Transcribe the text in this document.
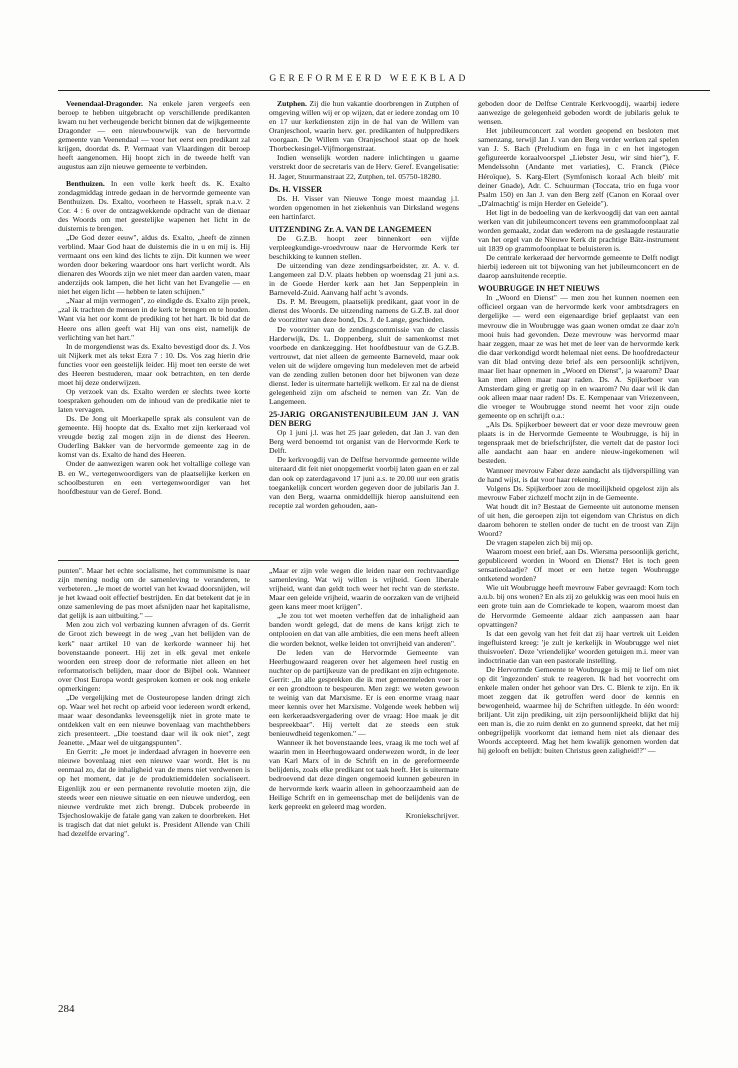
GEREFORMEERD WEEKBLAD

Veenendaal-Dragonder. Na enkele jaren vergeefs een beroep te hebben uitgebracht op verschillende predikanten kwam nu het verheugende bericht binnen dat de wijkgemeente Dragonder — een nieuwbouwwijk van de hervormde gemeente van Veenendaal — voor het eerst een predikant zal krijgen, doordat ds. P. Vermaat van Vlaardingen dit beroep heeft aangenomen. Hij hoopt zich in de tweede helft van augustus aan zijn nieuwe gemeente te verbinden.

Benthuizen. In een volle kerk heeft ds. K. Exalto zondagmiddag intrede gedaan in de hervormde gemeente van Benthuizen. Ds. Exalto, voorheen te Hasselt, sprak n.a.v. 2 Cor. 4 : 6 over de ontzagwekkende opdracht van de dienaar des Woords om met geestelijke wapenen het licht in de duisternis te brengen.

„De God dezer eeuw", aldus ds. Exalto, „heeft de zinnen verblind. Maar God haat de duisternis die in u en mij is. Hij vermaant ons een kind des lichts te zijn. Dit kunnen we weer worden door bekering waardoor ons hart verlicht wordt. Als dienaren des Woords zijn we niet meer dan aarden vaten, maar anderzijds ook lampen, die het licht van het Evangelie — en niet het eigen licht — hebben te laten schijnen."

„Naar al mijn vermogen", zo eindigde ds. Exalto zijn preek, „zal ik trachten de mensen in de kerk te brengen en te houden. Want via het oor komt de prediking tot het hart. Ik bid dat de Heere ons allen geeft wat Hij van ons eist, namelijk de verlichting van het hart."

In de morgendienst was ds. Exalto bevestigd door ds. J. Vos uit Nijkerk met als tekst Ezra 7 : 10. Ds. Vos zag hierin drie functies voor een geestelijk leider. Hij moet ten eerste de wet des Heeren bestuderen, maar ook betrachten, en ten derde moet hij deze onderwijzen.

Op verzoek van ds. Exalto werden er slechts twee korte toespraken gehouden om de inhoud van de predikatie niet te laten vervagen.

Ds. De Jong uit Moerkapelle sprak als consulent van de gemeente. Hij hoopte dat ds. Exalto met zijn kerkeraad vol vreugde bezig zal mogen zijn in de dienst des Heeren. Ouderling Bakker van de hervormde gemeente zag in de komst van ds. Exalto de hand des Heeren.

Onder de aanwezigen waren ook het voltallige college van B. en W., vertegenwoordigers van de plaatselijke kerken en schoolbesturen en een vertegenwoordiger van het hoofdbestuur van de Geref. Bond.

Zutphen. Zij die hun vakantie doorbrengen in Zutphen of omgeving willen wij er op wijzen, dat er iedere zondag om 10 en 17 uur kerkdiensten zijn in de hal van de Willem van Oranjeschool, waarin herv. ger. predikanten of hulppredikers voorgaan. De Willem van Oranjeschool staat op de hoek Thorbeckesingel-Vijfmorgenstraat.

Indien wenselijk worden nadere inlichtingen u gaarne verstrekt door de secretaris van de Herv. Geref. Evangelisatie: H. Jager, Stuurmanstraat 22, Zutphen, tel. 05750-18280.

Ds. H. VISSER

Ds. H. Visser van Nieuwe Tonge moest maandag j.l. worden opgenomen in het ziekenhuis van Dirksland wegens een hartinfarct.

UITZENDING Zr. A. VAN DE LANGEMEEN

De G.Z.B. hoopt zeer binnenkort een vijfde verpleegkundige-vroedvrouw naar de Hervormde Kerk ter beschikking te kunnen stellen.

De uitzending van deze zendingsarbeidster, zr. A. v. d. Langemeen zal D.V. plaats hebben op woensdag 21 juni a.s. in de Goede Herder kerk aan het Jan Seppenplein in Barneveld-Zuid. Aanvang half acht 's avonds.

Ds. P. M. Breugem, plaatselijk predikant, gaat voor in de dienst des Woords. De uitzending namens de G.Z.B. zal door de voorzitter van deze bond, Ds. J. de Lange, geschieden.

De voorzitter van de zendingscommissie van de classis Harderwijk, Ds. L. Doppenberg, sluit de samenkomst met voorbede en dankzegging. Het hoofdbestuur van de G.Z.B. vertrouwt, dat niet alleen de gemeente Barneveld, maar ook velen uit de wijdere omgeving hun medeleven met de arbeid van de zending zullen betonen door het bijwonen van deze dienst. Ieder is uitermate hartelijk welkom. Er zal na de dienst gelegenheid zijn om afscheid te nemen van Zr. Van de Langemeen.

25-JARIG ORGANISTENJUBILEUM JAN J. VAN DEN BERG

Op 1 juni j.l. was het 25 jaar geleden, dat Jan J. van den Berg werd benoemd tot organist van de Hervormde Kerk te Delft.

De kerkvoogdij van de Delftse hervormde gemeente wilde uiteraard dit feit niet onopgemerkt voorbij laten gaan en er zal dan ook op zaterdagavond 17 juni a.s. te 20.00 uur een gratis toegankelijk concert worden gegeven door de jubilaris Jan J. van den Berg, waarna onmiddellijk hierop aansluitend een receptie zal worden gehouden, aan-

geboden door de Delftse Centrale Kerkvoogdij, waarbij iedere aanwezige de gelegenheid geboden wordt de jubilaris geluk te wensen.

Het jubileumconcert zal worden geopend en besloten met samenzang, terwijl Jan J. van den Berg verder werken zal spelen van J. S. Bach (Preludium en fuga in c en het ingetogen gefigureerde koraalvoorspel „Liebster Jesu, wir sind hier"), F. Mendelssohn (Andante met variaties), C. Franck (Pièce Héroïque), S. Karg-Elert (Symfonisch koraal Ach bleib' mit deiner Gnade), Adr. C. Schuurman (Toccata, trio en fuga voor Psalm 150) en Jan J. van den Berg zelf (Canon en Koraal over „D'almachtig' is mijn Herder en Geleide").

Het ligt in de bedoeling van de kerkvoogdij dat van een aantal werken van dit jubileumconcert tevens een grammofoonplaat zal worden gemaakt, zodat dan wederom na de geslaagde restauratie van het orgel van de Nieuwe Kerk dit prachtige Bätz-instrument uit 1839 op grammofoonplaat te beluisteren is.

De centrale kerkeraad der hervormde gemeente te Delft nodigt hierbij iedereen uit tot bijwoning van het jubileumconcert en de daarop aansluitende receptie.

WOUBRUGGE IN HET NIEUWS

In „Woord en Dienst" — men zou het kunnen noemen een officieel orgaan van de hervormde kerk voor ambtsdragers en dergelijke — werd een eigenaardige brief geplaatst van een mevrouw die in Woubrugge was gaan wonen omdat ze daar zo'n mooi huis had gevonden. Deze mevrouw was hervormd maar haar zeggen, maar ze was het met de leer van de hervormde kerk die daar verkondigd wordt helemaal niet eens. De hoofdredacteur van dit blad ontving deze brief als een persoonlijk schrijven, maar liet haar opnemen in „Woord en Dienst", ja waarom? Daar kan men alleen maar naar raden. Ds. A. Spijkerboer van Amsterdam ging er gretig op in en waarom? Nu daar wil ik dan ook alleen maar naar raden! Ds. E. Kempenaar van Vriezenveen, die vroeger te Woubrugge stond neemt het voor zijn oude gemeente op en schrijft o.a.:

„Als Ds. Spijkerboer beweert dat er voor deze mevrouw geen plaats is in de Hervormde Gemeente te Woubrugge, is hij in tegenspraak met de briefschrijfster, die vertelt dat de pastor loci alle aandacht aan haar en andere nieuw-ingekomenen wil besteden.

Wanneer mevrouw Faber deze aandacht als tijdverspilling van de hand wijst, is dat voor haar rekening.

Volgens Ds. Spijkerboer zou de moeilijkheid opgelost zijn als mevrouw Faber zichzelf mocht zijn in de Gemeente.

Wat houdt dit in? Bestaat de Gemeente uit autonome mensen of uit hen, die geroepen zijn tot eigendom van Christus en dich daarom behoren te stellen onder de tucht en de troost van Zijn Woord?

De vragen stapelen zich bij mij op.

Waarom moest een brief, aan Ds. Wiersma persoonlijk gericht, gepubliceerd worden in Woord en Dienst? Het is toch geen sensatieolaadje? Of moet er een hetze tegen Woubrugge ontketend worden?

Wie uit Woubrugge heeft mevrouw Faber gevraagd: Kom toch a.u.b. bij ons wonen? En als zij zo gelukkig was een mooi huis en een grote tuin aan de Comriekade te kopen, waarom moest dan de Hervormde Gemeente aldaar zich aanpassen aan haar opvattingen?

Is dat een gevolg van het feit dat zij haar vertrek uit Leiden ingefluisterd kreeg: 'je zult je kerkelijk in Woubrugge wel niet thuisvoelen'. Deze 'vriendelijke' woorden getuigen m.i. meer van indoctrinatie dan van een pastorale instelling.

De Hervormde Gemeente te Woubrugge is mij te lief om niet op dit 'ingezonden' stuk te reageren. Ik had het voorrecht om enkele malen onder het gehoor van Drs. C. Blenk te zijn. En ik moet zeggen dat ik getroffen werd door de kennis en bewogenheid, waarmee hij de Schriften uitlegde. In één woord: briljant. Uit zijn prediking, uit zijn persoonlijkheid blijkt dat hij een man is, die zo ruim denkt en zo gunnend spreekt, dat het mij onbegrijpelijk voorkomt dat iemand hem niet als dienaar des Woords accepteerd. Mag het hem kwalijk genomen worden dat hij gelooft en belijdt: buiten Christus geen zaligheid!?" —

punten". Maar het echte socialisme, het communisme is naar zijn mening nodig om de samenleving te veranderen, te verbeteren. „Je moet de wortel van het kwaad doorsnijden, wil je het kwaad ooit effectief bestrijden. En dat betekent dat je in onze samenleving de pas moet afsnijden naar het kapitalisme, dat gelijk is aan uitbuiting." —

Men zou zich vol verbazing kunnen afvragen of ds. Gerrit de Groot zich beweegt in de weg „van het belijden van de kerk" naar artikel 10 van de kerkorde wanneer hij het bovenstaande poneert. Hij zet in elk geval met enkele woorden een streep door de reformatie niet alleen en het reformatorisch belijden, maar door de Bijbel ook. Wanneer over Oost Europa wordt gesproken komen er ook nog enkele opmerkingen:

„De vergelijking met de Oosteuropese landen dringt zich op. Waar wel het recht op arbeid voor iedereen wordt erkend, maar waar desondanks leveensgelijk niet in grote mate te ontdekken valt en een nieuwe bovenlaag van machthebbers zich presenteert. „Die toestand daar wil ik ook niet", zegt Jeanette. „Maar wel de uitgangspunten".

En Gerrit: „Je moet je inderdaad afvragen in hoeverre een nieuwe bovenlaag niet een nieuwe vaar wordt. Het is nu eenmaal zo, dat de inhaligheid van de mens niet verdwenen is op het moment, dat je de produktiemiddelen socialiseert. Eigenlijk zou er een permanente revolutie moeten zijn, die steeds weer een nieuwe situatie en een nieuwe underdog, een nieuwe verdrukte met zich brengt. Dubcek probeerde in Tsjechoslowakije de fatale gang van zaken te doorbreken. Het is tragisch dat dat niet gelukt is. President Allende van Chili had dezelfde ervaring".

„Maar er zijn vele wegen die leiden naar een rechtvaardige samenleving. Wat wij willen is vrijheid. Geen liberale vrijheid, want dan geldt toch weer het recht van de sterkste. Maar een geleide vrijheid, waarin de oorzaken van de vrijheid geen kans meer moet krijgen".

„Je zou tot wet moeten verheffen dat de inhaligheid aan banden wordt gelegd, dat de mens de kans krijgt zich te ontplooien en dat van alle ambities, die een mens heeft alleen die worden beknot, welke leiden tot onvrijheid van anderen".

De leden van de Hervormde Gemeente van Heerhugowaard reageren over het algemeen heel rustig en nuchter op de partijkeuze van de predikant en zijn echtgenote. Gerrit: „In alle gesprekken die ik met gemeenteleden voer is er een grondtoon te bespeuren. Men zegt: we weten gewoon te weinig van dat Marxisme. Er is een enorme vraag naar meer kennis over het Marxisme. Volgende week hebben wij een kerkeraadsvergadering over de vraag: Hoe maak je dit bespreekbaar". Hij vertelt dat ze steeds een stuk benieuwdheid tegenkomen." —

Wanneer ik het bovenstaande lees, vraag ik me toch wel af waarin men in Heerhugowaard onderwezen wordt, in de leer van Karl Marx of in de Schrift en in de gereformeerde belijdenis, zoals elke predikant tot taak heeft. Het is uitermate bedroevend dat deze dingen ongemoeid kunnen gebeuren in de hervormde kerk waarin alleen in gehoorzaamheid aan de Heilige Schrift en in gemeenschap met de belijdenis van de kerk gepreekt en geleerd mag worden.

Kroniekschrijver.

284
